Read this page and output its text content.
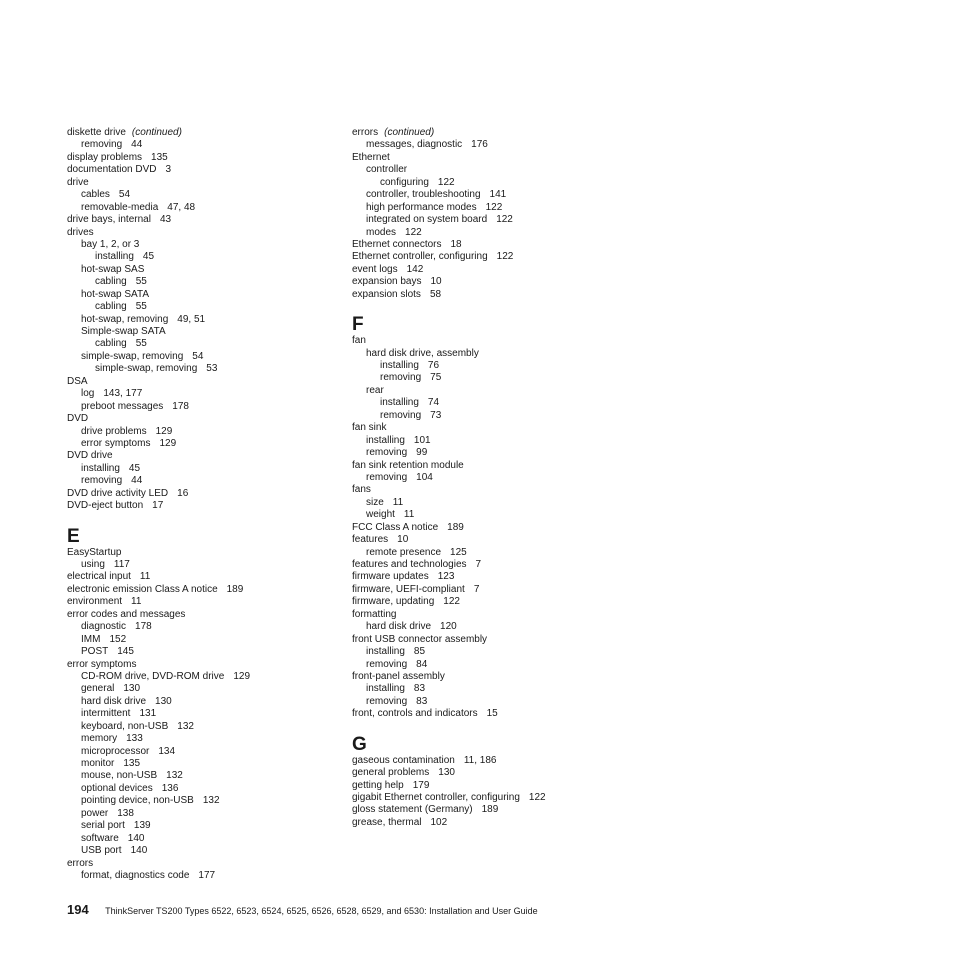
diskette drive (continued)
removing 44
display problems 135
documentation DVD 3
drive
cables 54
removable-media 47, 48
drive bays, internal 43
drives
bay 1, 2, or 3
installing 45
hot-swap SAS
cabling 55
hot-swap SATA
cabling 55
hot-swap, removing 49, 51
Simple-swap SATA
cabling 55
simple-swap, removing 54
simple-swap, removing 53
DSA
log 143, 177
preboot messages 178
DVD
drive problems 129
error symptoms 129
DVD drive
installing 45
removing 44
DVD drive activity LED 16
DVD-eject button 17
E
EasyStartup
using 117
electrical input 11
electronic emission Class A notice 189
environment 11
error codes and messages
diagnostic 178
IMM 152
POST 145
error symptoms
CD-ROM drive, DVD-ROM drive 129
general 130
hard disk drive 130
intermittent 131
keyboard, non-USB 132
memory 133
microprocessor 134
monitor 135
mouse, non-USB 132
optional devices 136
pointing device, non-USB 132
power 138
serial port 139
software 140
USB port 140
errors
format, diagnostics code 177
errors (continued)
messages, diagnostic 176
Ethernet
controller
configuring 122
controller, troubleshooting 141
high performance modes 122
integrated on system board 122
modes 122
Ethernet connectors 18
Ethernet controller, configuring 122
event logs 142
expansion bays 10
expansion slots 58
F
fan
hard disk drive, assembly
installing 76
removing 75
rear
installing 74
removing 73
fan sink
installing 101
removing 99
fan sink retention module
removing 104
fans
size 11
weight 11
FCC Class A notice 189
features 10
remote presence 125
features and technologies 7
firmware updates 123
firmware, UEFI-compliant 7
firmware, updating 122
formatting
hard disk drive 120
front USB connector assembly
installing 85
removing 84
front-panel assembly
installing 83
removing 83
front, controls and indicators 15
G
gaseous contamination 11, 186
general problems 130
getting help 179
gigabit Ethernet controller, configuring 122
gloss statement (Germany) 189
grease, thermal 102
194 ThinkServer TS200 Types 6522, 6523, 6524, 6525, 6526, 6528, 6529, and 6530: Installation and User Guide
